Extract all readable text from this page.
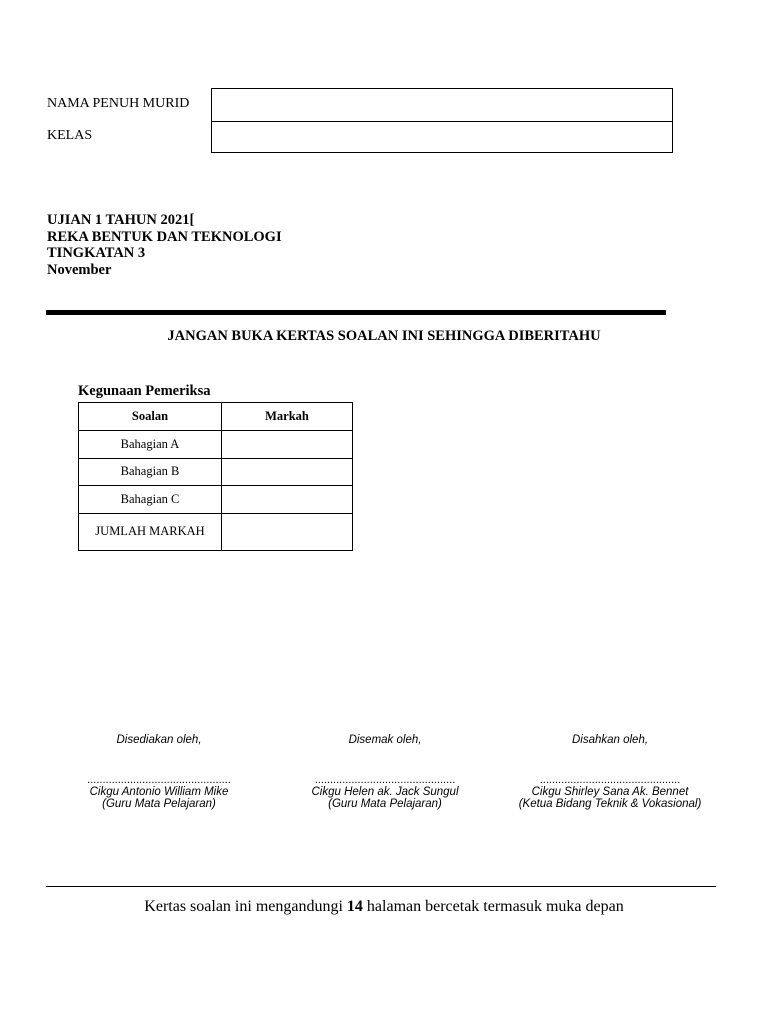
NAMA PENUH MURID
KELAS
UJIAN 1 TAHUN 2021[
REKA BENTUK DAN TEKNOLOGI
TINGKATAN 3
November
JANGAN BUKA KERTAS SOALAN INI SEHINGGA DIBERITAHU
Kegunaan Pemeriksa
Soalan	Markah
Bahagian A	
Bahagian B	
Bahagian C	
JUMLAH MARKAH	
Disediakan oleh,
...............................................
Cikgu Antonio William Mike
(Guru Mata Pelajaran)
Disemak oleh,
..............................................
Cikgu Helen ak. Jack Sungul
(Guru Mata Pelajaran)
Disahkan oleh,
..............................................
Cikgu Shirley Sana Ak. Bennet
(Ketua Bidang Teknik & Vokasional)
Kertas soalan ini mengandungi 14 halaman bercetak termasuk muka depan
